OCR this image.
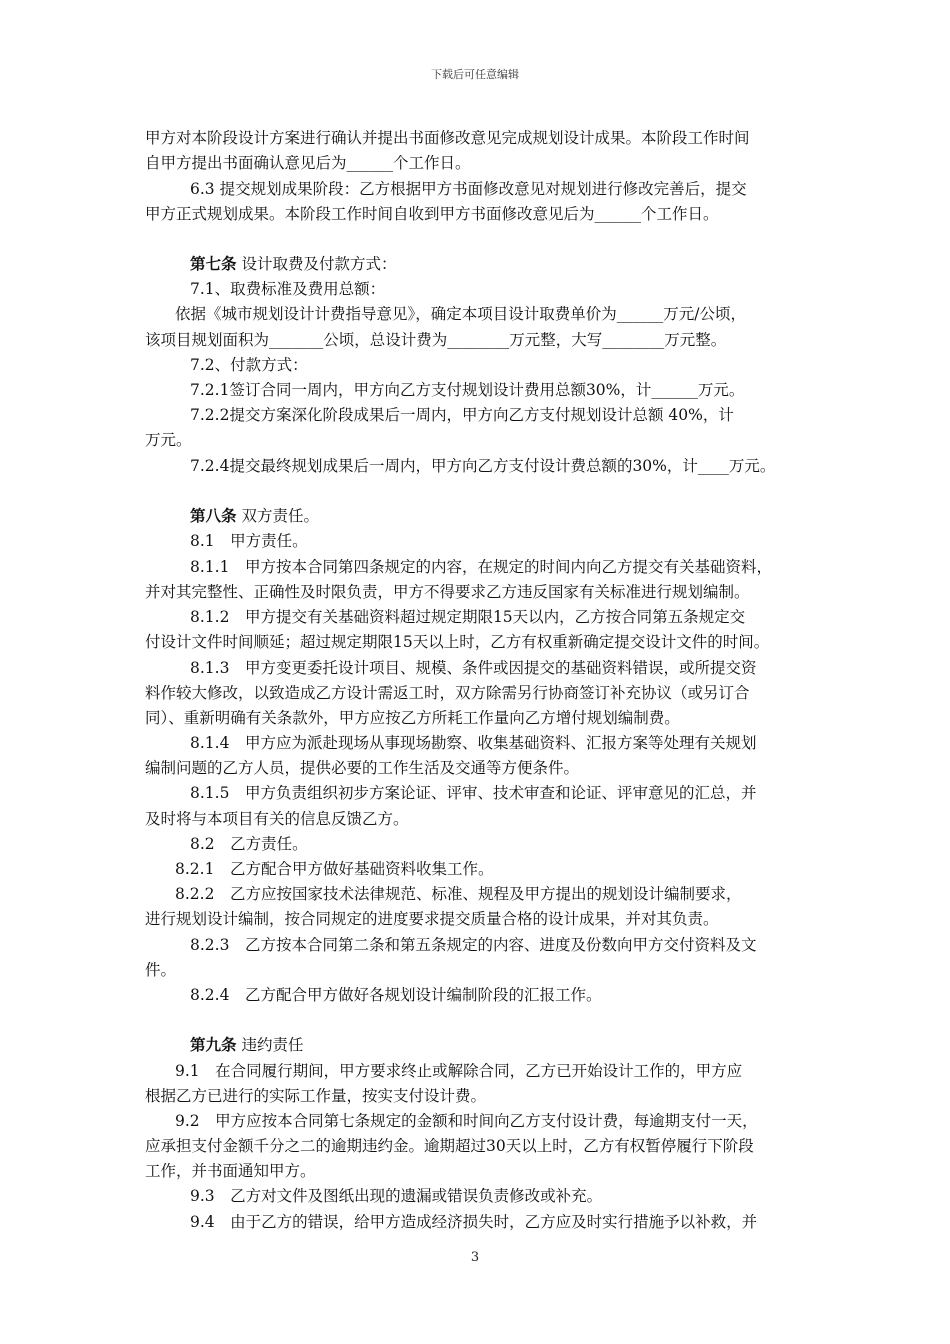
下载后可任意编辑
甲方对本阶段设计方案进行确认并提出书面修改意见完成规划设计成果。本阶段工作时间
自甲方提出书面确认意见后为______个工作日。
6.3 提交规划成果阶段：乙方根据甲方书面修改意见对规划进行修改完善后，提交
甲方正式规划成果。本阶段工作时间自收到甲方书面修改意见后为______个工作日。
第七条 设计取费及付款方式：
7.1、取费标准及费用总额：
依据《城市规划设计计费指导意见》，确定本项目设计取费单价为______万元/公顷，
该项目规划面积为_______公顷，总设计费为________万元整，大写________万元整。
7.2、付款方式：
7.2.1签订合同一周内，甲方向乙方支付规划设计费用总额30%，计______万元。
7.2.2提交方案深化阶段成果后一周内，甲方向乙方支付规划设计总额 40%，计
万元。
7.2.4提交最终规划成果后一周内，甲方向乙方支付设计费总额的30%，计____万元。
第八条 双方责任。
8.1　甲方责任。
8.1.1　甲方按本合同第四条规定的内容，在规定的时间内向乙方提交有关基础资料，
并对其完整性、正确性及时限负责，甲方不得要求乙方违反国家有关标准进行规划编制。
8.1.2　甲方提交有关基础资料超过规定期限15天以内，乙方按合同第五条规定交
付设计文件时间顺延；超过规定期限15天以上时，乙方有权重新确定提交设计文件的时间。
8.1.3　甲方变更委托设计项目、规模、条件或因提交的基础资料错误，或所提交资
料作较大修改，以致造成乙方设计需返工时，双方除需另行协商签订补充协议（或另订合
同）、重新明确有关条款外，甲方应按乙方所耗工作量向乙方增付规划编制费。
8.1.4　甲方应为派赴现场从事现场勘察、收集基础资料、汇报方案等处理有关规划
编制问题的乙方人员，提供必要的工作生活及交通等方便条件。
8.1.5　甲方负责组织初步方案论证、评审、技术审查和论证、评审意见的汇总，并
及时将与本项目有关的信息反馈乙方。
8.2　乙方责任。
8.2.1　乙方配合甲方做好基础资料收集工作。
8.2.2　乙方应按国家技术法律规范、标准、规程及甲方提出的规划设计编制要求，
进行规划设计编制，按合同规定的进度要求提交质量合格的设计成果，并对其负责。
8.2.3　乙方按本合同第二条和第五条规定的内容、进度及份数向甲方交付资料及文
件。
8.2.4　乙方配合甲方做好各规划设计编制阶段的汇报工作。
第九条 违约责任
9.1　在合同履行期间，甲方要求终止或解除合同，乙方已开始设计工作的，甲方应
根据乙方已进行的实际工作量，按实支付设计费。
9.2　甲方应按本合同第七条规定的金额和时间向乙方支付设计费，每逾期支付一天，
应承担支付金额千分之二的逾期违约金。逾期超过30天以上时，乙方有权暂停履行下阶段
工作，并书面通知甲方。
9.3　乙方对文件及图纸出现的遗漏或错误负责修改或补充。
9.4　由于乙方的错误，给甲方造成经济损失时，乙方应及时实行措施予以补救，并
3
